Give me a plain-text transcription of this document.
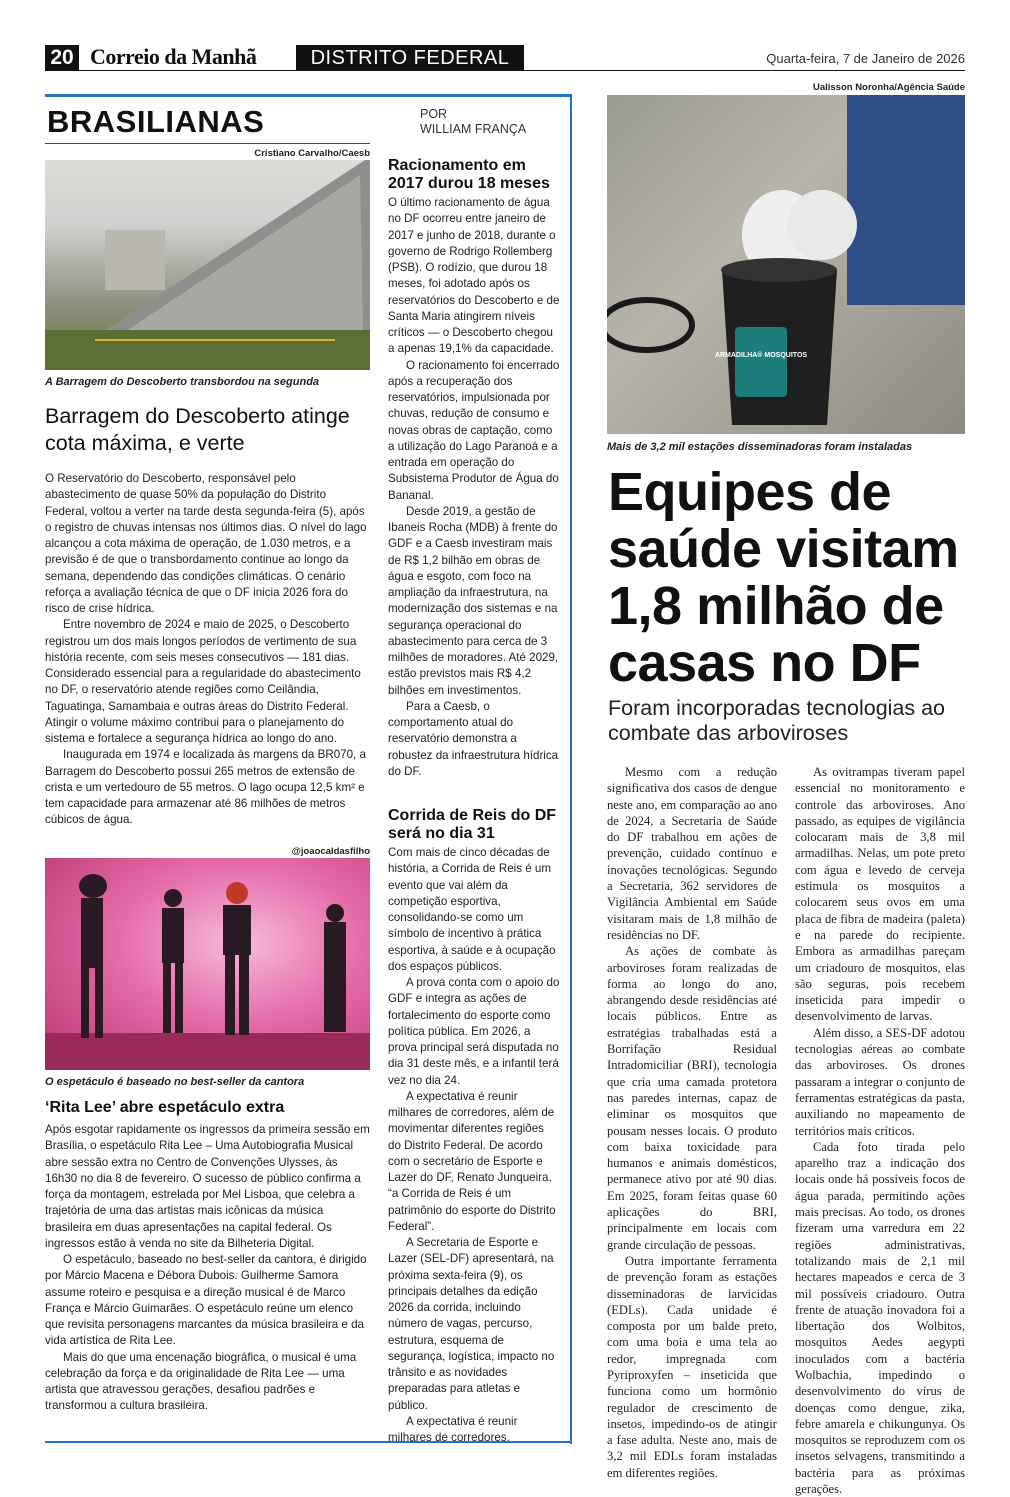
20 Correio da Manhã	DISTRITO FEDERAL	Quarta-feira, 7 de Janeiro de 2026
BRASILIANAS	POR
WILLIAM FRANÇA
Cristiano Carvalho/Caesb
A Barragem do Descoberto transbordou na segunda
Barragem do Descoberto atinge cota máxima, e verte

O Reservatório do Descoberto, responsável pelo abastecimento de quase 50% da população do Distrito Federal, voltou a verter na tarde desta segunda-feira (5), após o registro de chuvas intensas nos últimos dias. O nível do lago alcançou a cota máxima de operação, de 1.030 metros, e a previsão é de que o transbordamento continue ao longo da semana, dependendo das condições climáticas. O cenário reforça a avaliação técnica de que o DF inicia 2026 fora do risco de crise hídrica.

Entre novembro de 2024 e maio de 2025, o Descoberto registrou um dos mais longos períodos de vertimento de sua história recente, com seis meses consecutivos — 181 dias. Considerado essencial para a regularidade do abastecimento no DF, o reservatório atende regiões como Ceilândia, Taguatinga, Samambaia e outras áreas do Distrito Federal. Atingir o volume máximo contribui para o planejamento do sistema e fortalece a segurança hídrica ao longo do ano.

Inaugurada em 1974 e localizada às margens da BR070, a Barragem do Descoberto possui 265 metros de extensão de crista e um vertedouro de 55 metros. O lago ocupa 12,5 km² e tem capacidade para armazenar até 86 milhões de metros cúbicos de água.

@joaocaldasfilho
O espetáculo é baseado no best-seller da cantora
‘Rita Lee’ abre espetáculo extra

Após esgotar rapidamente os ingressos da primeira sessão em Brasília, o espetáculo Rita Lee – Uma Autobiografia Musical abre sessão extra no Centro de Convenções Ulysses, às 16h30 no dia 8 de fevereiro. O sucesso de público confirma a força da montagem, estrelada por Mel Lisboa, que celebra a trajetória de uma das artistas mais icônicas da música brasileira em duas apresentações na capital federal. Os ingressos estão à venda no site da Bilheteria Digital.

O espetáculo, baseado no best-seller da cantora, é dirigido por Márcio Macena e Débora Dubois. Guilherme Samora assume roteiro e pesquisa e a direção musical é de Marco França e Márcio Guimarães. O espetáculo reúne um elenco que revisita personagens marcantes da música brasileira e da vida artística de Rita Lee.

Mais do que uma encenação biográfica, o musical é uma celebração da força e da originalidade de Rita Lee — uma artista que atravessou gerações, desafiou padrões e transformou a cultura brasileira.

Racionamento em 2017 durou 18 meses

O último racionamento de água no DF ocorreu entre janeiro de 2017 e junho de 2018, durante o governo de Rodrigo Rollemberg (PSB). O rodízio, que durou 18 meses, foi adotado após os reservatórios do Descoberto e de Santa Maria atingirem níveis críticos — o Descoberto chegou a apenas 19,1% da capacidade.

O racionamento foi encerrado após a recuperação dos reservatórios, impulsionada por chuvas, redução de consumo e novas obras de captação, como a utilização do Lago Paranoá e a entrada em operação do Subsistema Produtor de Água do Bananal.

Desde 2019, a gestão de Ibaneis Rocha (MDB) à frente do GDF e a Caesb investiram mais de R$ 1,2 bilhão em obras de água e esgoto, com foco na ampliação da infraestrutura, na modernização dos sistemas e na segurança operacional do abastecimento para cerca de 3 milhões de moradores. Até 2029, estão previstos mais R$ 4,2 bilhões em investimentos.

Para a Caesb, o comportamento atual do reservatório demonstra a robustez da infraestrutura hídrica do DF.

Corrida de Reis do DF será no dia 31

Com mais de cinco décadas de história, a Corrida de Reis é um evento que vai além da competição esportiva, consolidando-se como um símbolo de incentivo à prática esportiva, à saúde e à ocupação dos espaços públicos.

A prova conta com o apoio do GDF e integra as ações de fortalecimento do esporte como política pública. Em 2026, a prova principal será disputada no dia 31 deste mês, e a infantil terá vez no dia 24.

A expectativa é reunir milhares de corredores, além de movimentar diferentes regiões do Distrito Federal. De acordo com o secretário de Esporte e Lazer do DF, Renato Junqueira, “a Corrida de Reis é um patrimônio do esporte do Distrito Federal”.

A Secretaria de Esporte e Lazer (SEL-DF) apresentará, na próxima sexta-feira (9), os principais detalhes da edição 2026 da corrida, incluindo número de vagas, percurso, estrutura, esquema de segurança, logística, impacto no trânsito e as novidades preparadas para atletas e público.

A expectativa é reunir milhares de corredores.

Ualisson Noronha/Agência Saúde
ARMADILHA® MOSQUITOS
Mais de 3,2 mil estações disseminadoras foram instaladas
Equipes de saúde visitam 1,8 milhão de casas no DF
Foram incorporadas tecnologias ao combate das arboviroses

Mesmo com a redução significativa dos casos de dengue neste ano, em comparação ao ano de 2024, a Secretaria de Saúde do DF trabalhou em ações de prevenção, cuidado contínuo e inovações tecnológicas. Segundo a Secretaria, 362 servidores de Vigilância Ambiental em Saúde visitaram mais de 1,8 milhão de residências no DF.

As ações de combate às arboviroses foram realizadas de forma ao longo do ano, abrangendo desde residências até locais públicos. Entre as estratégias trabalhadas está a Borrifação Residual Intradomiciliar (BRI), tecnologia que cria uma camada protetora nas paredes internas, capaz de eliminar os mosquitos que pousam nesses locais. O produto com baixa toxicidade para humanos e animais domésticos, permanece ativo por até 90 dias. Em 2025, foram feitas quase 60 aplicações do BRI, principalmente em locais com grande circulação de pessoas.

Outra importante ferramenta de prevenção foram as estações disseminadoras de larvicidas (EDLs). Cada unidade é composta por um balde preto, com uma boia e uma tela ao redor, impregnada com Pyriproxyfen – inseticida que funciona como um hormônio regulador de crescimento de insetos, impedindo-os de atingir a fase adulta. Neste ano, mais de 3,2 mil EDLs foram instaladas em diferentes regiões.

As ovitrampas tiveram papel essencial no monitoramento e controle das arboviroses. Ano passado, as equipes de vigilância colocaram mais de 3,8 mil armadilhas. Nelas, um pote preto com água e levedo de cerveja estimula os mosquitos a colocarem seus ovos em uma placa de fibra de madeira (paleta) e na parede do recipiente. Embora as armadilhas pareçam um criadouro de mosquitos, elas são seguras, pois recebem inseticida para impedir o desenvolvimento de larvas.

Além disso, a SES-DF adotou tecnologias aéreas ao combate das arboviroses. Os drones passaram a integrar o conjunto de ferramentas estratégicas da pasta, auxiliando no mapeamento de territórios mais críticos.

Cada foto tirada pelo aparelho traz a indicação dos locais onde há possíveis focos de água parada, permitindo ações mais precisas. Ao todo, os drones fizeram uma varredura em 22 regiões administrativas, totalizando mais de 2,1 mil hectares mapeados e cerca de 3 mil possíveis criadouro. Outra frente de atuação inovadora foi a libertação dos Wolbitos, mosquitos Aedes aegypti inoculados com a bactéria Wolbachia, impedindo o desenvolvimento do vírus de doenças como dengue, zika, febre amarela e chikungunya. Os mosquitos se reproduzem com os insetos selvagens, transmitindo a bactéria para as próximas gerações.
